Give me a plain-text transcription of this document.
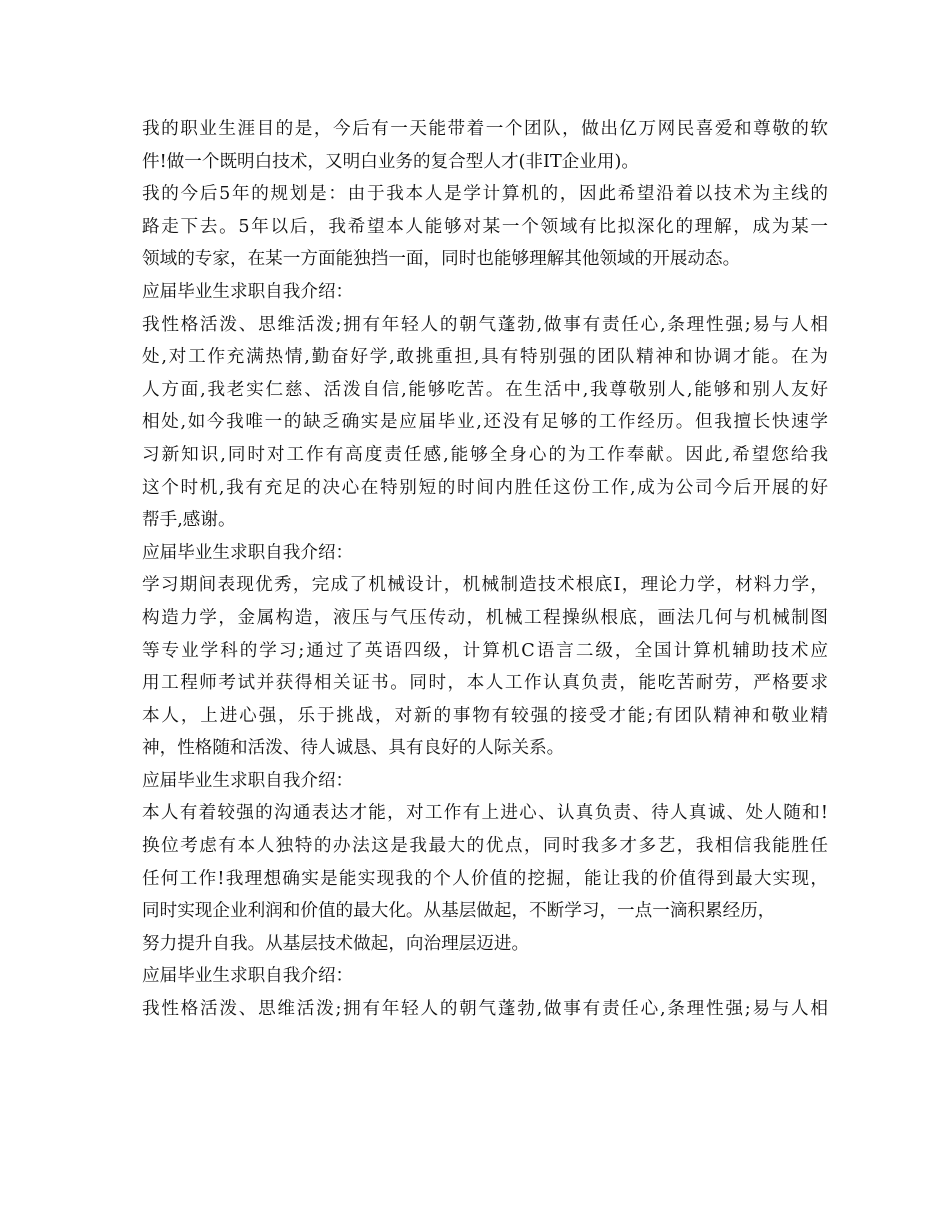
我的职业生涯目的是，今后有一天能带着一个团队，做出亿万网民喜爱和尊敬的软
件!做一个既明白技术，又明白业务的复合型人才(非IT企业用)。
我的今后5年的规划是：由于我本人是学计算机的，因此希望沿着以技术为主线的
路走下去。5年以后，我希望本人能够对某一个领域有比拟深化的理解，成为某一
领域的专家，在某一方面能独挡一面，同时也能够理解其他领域的开展动态。
应届毕业生求职自我介绍：
我性格活泼、思维活泼;拥有年轻人的朝气蓬勃,做事有责任心,条理性强;易与人相
处,对工作充满热情,勤奋好学,敢挑重担,具有特别强的团队精神和协调才能。在为
人方面,我老实仁慈、活泼自信,能够吃苦。在生活中,我尊敬别人,能够和别人友好
相处,如今我唯一的缺乏确实是应届毕业,还没有足够的工作经历。但我擅长快速学
习新知识,同时对工作有高度责任感,能够全身心的为工作奉献。因此,希望您给我
这个时机,我有充足的决心在特别短的时间内胜任这份工作,成为公司今后开展的好
帮手,感谢。
应届毕业生求职自我介绍：
学习期间表现优秀，完成了机械设计，机械制造技术根底Ⅰ，理论力学，材料力学，
构造力学，金属构造，液压与气压传动，机械工程操纵根底，画法几何与机械制图
等专业学科的学习;通过了英语四级，计算机C语言二级，全国计算机辅助技术应
用工程师考试并获得相关证书。同时，本人工作认真负责，能吃苦耐劳，严格要求
本人，上进心强，乐于挑战，对新的事物有较强的接受才能;有团队精神和敬业精
神，性格随和活泼、待人诚恳、具有良好的人际关系。
应届毕业生求职自我介绍：
本人有着较强的沟通表达才能，对工作有上进心、认真负责、待人真诚、处人随和!
换位考虑有本人独特的办法这是我最大的优点，同时我多才多艺，我相信我能胜任
任何工作!我理想确实是能实现我的个人价值的挖掘，能让我的价值得到最大实现，
同时实现企业利润和价值的最大化。从基层做起，不断学习，一点一滴积累经历，
努力提升自我。从基层技术做起，向治理层迈进。
应届毕业生求职自我介绍：
我性格活泼、思维活泼;拥有年轻人的朝气蓬勃,做事有责任心,条理性强;易与人相
